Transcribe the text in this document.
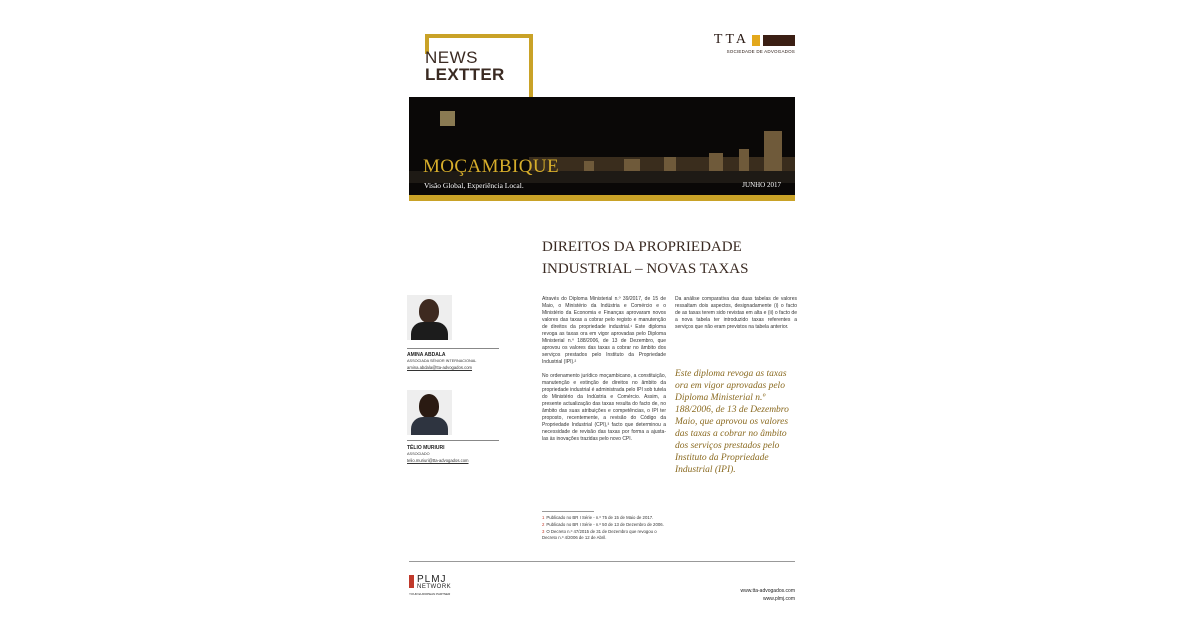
NEWS
LEXTTER
TTA
SOCIEDADE DE ADVOGADOS
MOÇAMBIQUE
Visão Global, Experiência Local.	JUNHO 2017
AMINA ABDALA
ASSOCIADA SÉNIOR INTERNACIONAL
amina.abdala@tta-advogados.com
TÉLIO MURIURI
ASSOCIADO
telio.muriuri@tta-advogados.com
DIREITOS DA PROPRIEDADE
INDUSTRIAL – NOVAS TAXAS

Através do Diploma Ministerial n.º 39/2017, de 15 de Maio, o Ministério da Indústria e Comércio e o Ministério da Economia e Finanças aprovaram novos valores das taxas a cobrar pelo registo e manutenção de direitos da propriedade industrial.¹ Este diploma revoga as taxas ora em vigor aprovadas pelo Diploma Ministerial n.º 188/2006, de 13 de Dezembro, que aprovou os valores das taxas a cobrar no âmbito dos serviços prestados pelo Instituto da Propriedade Industrial (IPI).²

No ordenamento jurídico moçambicano, a constituição, manutenção e extinção de direitos no âmbito da propriedade industrial é administrada pelo IPI sob tutela do Ministério da Indústria e Comércio. Assim, a presente actualização das taxas resulta do facto de, no âmbito das suas atribuições e competências, o IPI ter proposto, recentemente, a revisão do Código da Propriedade Industrial (CPI),³ facto que determinou a necessidade de revisão das taxas por forma a ajusta-las às inovações trazidas pelo novo CPI.

Da análise comparativa das duas tabelas de valores ressaltam dois aspectos, designadamente (i) o facto de as taxas terem sido revistas em alta e (ii) o facto de a nova tabela ter introduzido taxas referentes a serviços que não eram previstos na tabela anterior.

Este diploma revoga as taxas ora em vigor aprovadas pelo Diploma Ministerial n.º 188/2006, de 13 de Dezembro Maio, que aprovou os valores das taxas a cobrar no âmbito dos serviços prestados pelo Instituto da Propriedade Industrial (IPI).
1 Publicado no BR I Série - n.º 75 de 15 de Maio de 2017.
2 Publicado no BR I Série - n.º 50 de 13 de Dezembro de 2006.
3 O Decreto n.º 47/2015 de 31 de Dezembro que revogou o Decreto n.º 4/2006 de 12 de Abril.
PLMJ
NETWORK
YOUR EUROPEAN PARTNER	www.tta-advogados.com
www.plmj.com
